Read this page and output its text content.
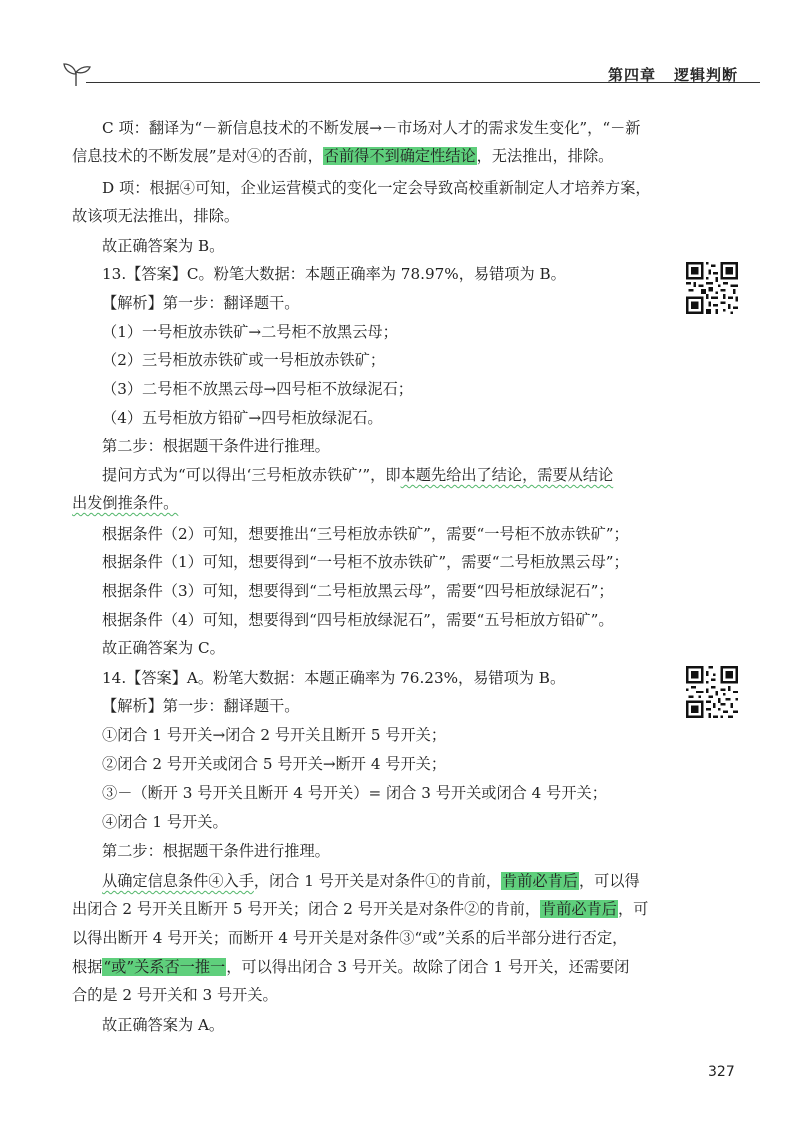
第四章 逻辑判断
C 项：翻译为“－新信息技术的不断发展→－市场对人才的需求发生变化”，“－新
信息技术的不断发展”是对④的否前，否前得不到确定性结论，无法推出，排除。
D 项：根据④可知，企业运营模式的变化一定会导致高校重新制定人才培养方案，
故该项无法推出，排除。
故正确答案为 B。
13.【答案】C。粉笔大数据：本题正确率为 78.97%，易错项为 B。
【解析】第一步：翻译题干。
（1）一号柜放赤铁矿→二号柜不放黑云母；
（2）三号柜放赤铁矿或一号柜放赤铁矿；
（3）二号柜不放黑云母→四号柜不放绿泥石；
（4）五号柜放方铅矿→四号柜放绿泥石。
第二步：根据题干条件进行推理。
提问方式为“可以得出‘三号柜放赤铁矿’”，即本题先给出了结论，需要从结论
出发倒推条件。
根据条件（2）可知，想要推出“三号柜放赤铁矿”，需要“一号柜不放赤铁矿”；
根据条件（1）可知，想要得到“一号柜不放赤铁矿”，需要“二号柜放黑云母”；
根据条件（3）可知，想要得到“二号柜放黑云母”，需要“四号柜放绿泥石”；
根据条件（4）可知，想要得到“四号柜放绿泥石”，需要“五号柜放方铅矿”。
故正确答案为 C。
14.【答案】A。粉笔大数据：本题正确率为 76.23%，易错项为 B。
【解析】第一步：翻译题干。
①闭合 1 号开关→闭合 2 号开关且断开 5 号开关；
②闭合 2 号开关或闭合 5 号开关→断开 4 号开关；
③－（断开 3 号开关且断开 4 号开关）= 闭合 3 号开关或闭合 4 号开关；
④闭合 1 号开关。
第二步：根据题干条件进行推理。
从确定信息条件④入手，闭合 1 号开关是对条件①的肯前，肯前必肯后，可以得
出闭合 2 号开关且断开 5 号开关；闭合 2 号开关是对条件②的肯前，肯前必肯后，可
以得出断开 4 号开关；而断开 4 号开关是对条件③“或”关系的后半部分进行否定，
根据“或”关系否一推一，可以得出闭合 3 号开关。故除了闭合 1 号开关，还需要闭
合的是 2 号开关和 3 号开关。
故正确答案为 A。
327
